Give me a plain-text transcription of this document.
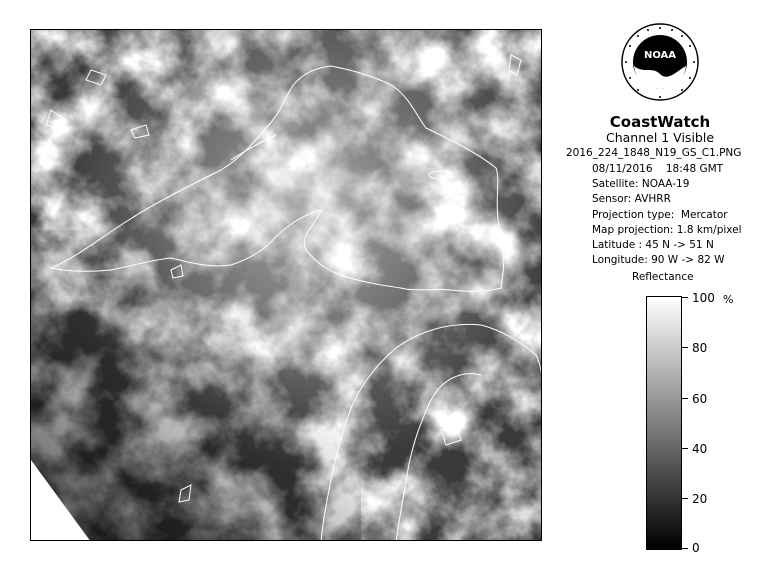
NOAA
CoastWatch
Channel 1 Visible
2016_224_1848_N19_GS_C1.PNG
08/11/2016    18:48 GMT
Satellite: NOAA-19
Sensor: AVHRR
Projection type:  Mercator
Map projection: 1.8 km/pixel
Latitude : 45 N -> 51 N
Longitude: 90 W -> 82 W
Reflectance
%
100
80
60
40
20
0
